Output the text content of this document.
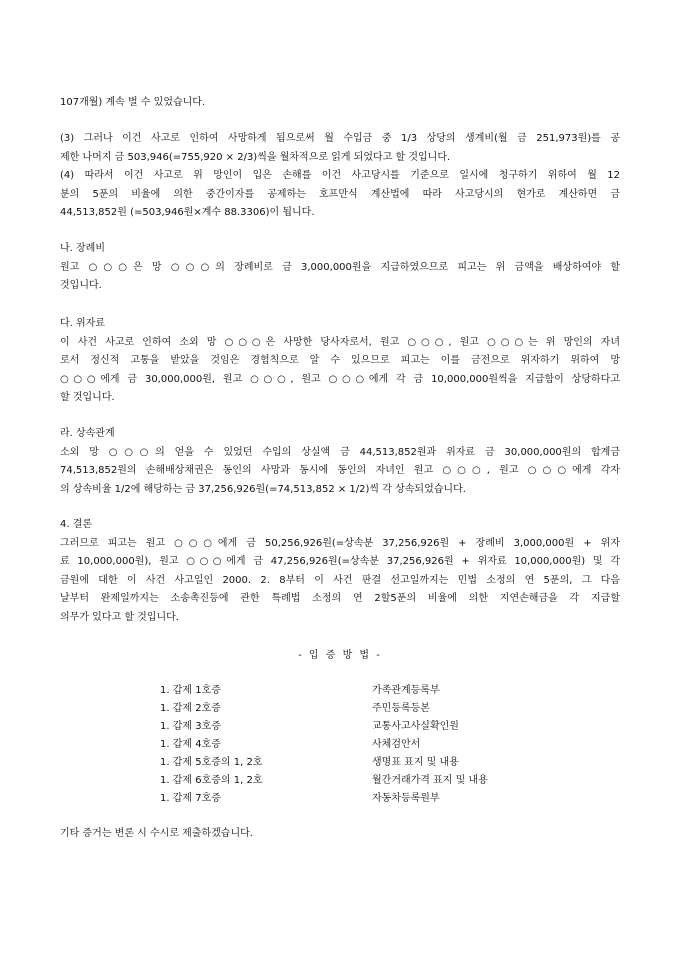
107개월) 계속 벌 수 있었습니다.
(3) 그러나 이건 사고로 인하여 사망하게 됨으로써 월 수입금 중 1/3 상당의 생계비(월 금 251,973원)를 공
제한 나머지 금 503,946(=755,920 × 2/3)씩을 월차적으로 읽게 되었다고 할 것입니다.
(4) 따라서 이건 사고로 위 망인이 입은 손해를 이건 사고당시를 기준으로 일시에 청구하기 위하여 월 12
분의 5푼의 비율에 의한 중간이자를 공제하는 호프만식 계산법에 따라 사고당시의 현가로 계산하면 금
44,513,852원 (=503,946원×계수 88.3306)이 됩니다.
나. 장례비
원고 ○○○은 망 ○○○의 장례비로 금 3,000,000원을 지급하였으므로 피고는 위 금액을 배상하여야 할
것입니다.
다. 위자료
이 사건 사고로 인하여 소외 망 ○○○은 사망한 당사자로서, 원고 ○○○, 원고 ○○○는 위 망인의 자녀
로서 정신적 고통을 받았을 것임은 경험칙으로 알 수 있으므로 피고는 이를 금전으로 위자하기 위하여 망
○○○에게 금 30,000,000원, 원고 ○○○, 원고 ○○○에게 각 금 10,000,000원씩을 지급함이 상당하다고
할 것입니다.
라. 상속관계
소외 망 ○○○의 얻을 수 있었던 수입의 상실액 금 44,513,852원과 위자료 금 30,000,000원의 합계금
74,513,852원의 손해배상채권은 동인의 사망과 동시에 동인의 자녀인 원고 ○○○, 원고 ○○○에게 각자
의 상속비율 1/2에 해당하는 금 37,256,926원(=74,513,852 × 1/2)씩 각 상속되었습니다.
4. 결론
그러므로 피고는 원고 ○○○에게 금 50,256,926원(=상속분 37,256,926원 + 장례비 3,000,000원 + 위자
료 10,000,000원), 원고 ○○○에게 금 47,256,926원(=상속분 37,256,926원 + 위자료 10,000,000원) 및 각
금원에 대한 이 사건 사고일인 2000. 2. 8부터 이 사건 판결 선고일까지는 민법 소정의 연 5푼의, 그 다음
날부터 완제일까지는 소송촉진등에 관한 특례법 소정의 연 2할5푼의 비율에 의한 지연손해금을 각 지급할
의무가 있다고 할 것입니다.
- 입 증 방 법 -
1. 갑제 1호증	가족관계등록부
1. 갑제 2호증	주민등록등본
1. 갑제 3호증	교통사고사실확인원
1. 갑제 4호증	사체검안서
1. 갑제 5호증의 1, 2호	생명표 표지 및 내용
1. 갑제 6호증의 1, 2호	월간거래가격 표지 및 내용
1. 갑제 7호증	자동차등록원부
기타 증거는 변론 시 수시로 제출하겠습니다.
